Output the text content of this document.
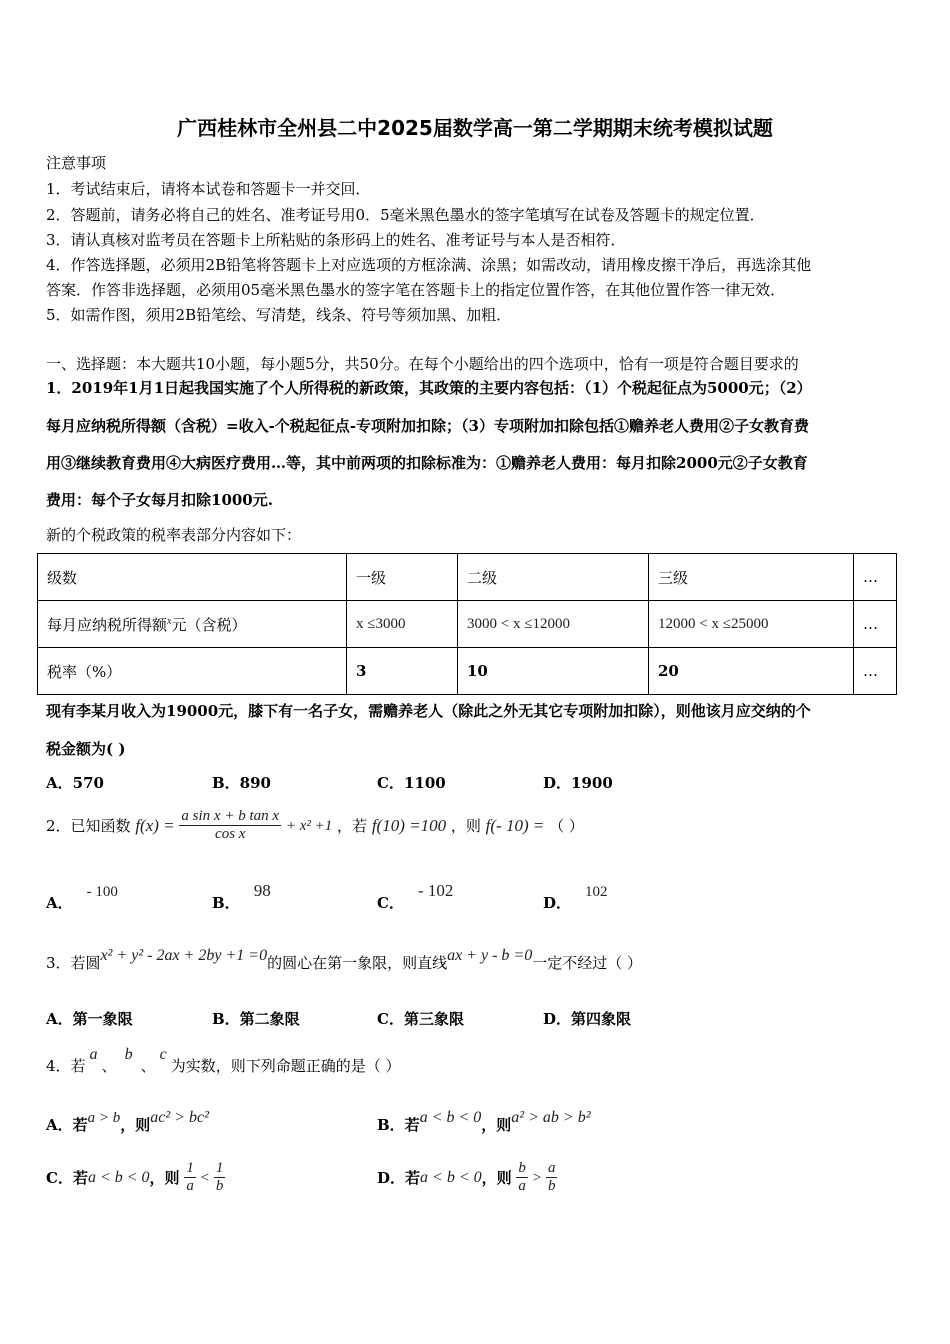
广西桂林市全州县二中2025届数学高一第二学期期末统考模拟试题
注意事项
1．考试结束后，请将本试卷和答题卡一并交回．
2．答题前，请务必将自己的姓名、准考证号用0．5毫米黑色墨水的签字笔填写在试卷及答题卡的规定位置．
3．请认真核对监考员在答题卡上所粘贴的条形码上的姓名、准考证号与本人是否相符．
4．作答选择题，必须用2B铅笔将答题卡上对应选项的方框涂满、涂黑；如需改动，请用橡皮擦干净后，再选涂其他
答案．作答非选择题，必须用05毫米黑色墨水的签字笔在答题卡上的指定位置作答，在其他位置作答一律无效．
5．如需作图，须用2B铅笔绘、写清楚，线条、符号等须加黑、加粗．
一、选择题：本大题共10小题，每小题5分，共50分。在每个小题给出的四个选项中，恰有一项是符合题目要求的
1．2019年1月1日起我国实施了个人所得税的新政策，其政策的主要内容包括：（1）个税起征点为5000元；（2）
每月应纳税所得额（含税）=收入-个税起征点-专项附加扣除；（3）专项附加扣除包括①赡养老人费用②子女教育费
用③继续教育费用④大病医疗费用…等，其中前两项的扣除标准为：①赡养老人费用：每月扣除2000元②子女教育
费用：每个子女每月扣除1000元.
新的个税政策的税率表部分内容如下：
级数	一级	二级	三级	…
每月应纳税所得额$^x$元（含税）	x ≤3000	3000 < x ≤12000	12000 < x ≤25000	…
税率（%）	3	10	20	…
现有李某月收入为19000元，膝下有一名子女，需赡养老人（除此之外无其它专项附加扣除），则他该月应交纳的个
税金额为( )
A．570	B．890	C．1100	D．1900
2．已知函数 $f(x) = \frac{\text{a sin x + b tan x}}{\text{cos x}} + x^2 +1$ ，若 f(10) =100 ，则 f(- 10) = （ ）
A．- 100
B．98
C．- 102
D．102
3．若圆x² + y² - 2ax + 2by +1 =0的圆心在第一象限，则直线ax + y - b =0一定不经过（ ）
A．第一象限	B．第二象限	C．第三象限	D．第四象限
4．若a、b、c为实数，则下列命题正确的是（ ）
A．若a > b，则ac² > bc²	B．若a < b < 0，则a² > ab > b²
C．若a < b < 0，则 $\frac{1}{a} < \frac{1}{b}$	D．若a < b < 0，则 $\frac{b}{a} > \frac{a}{b}$
